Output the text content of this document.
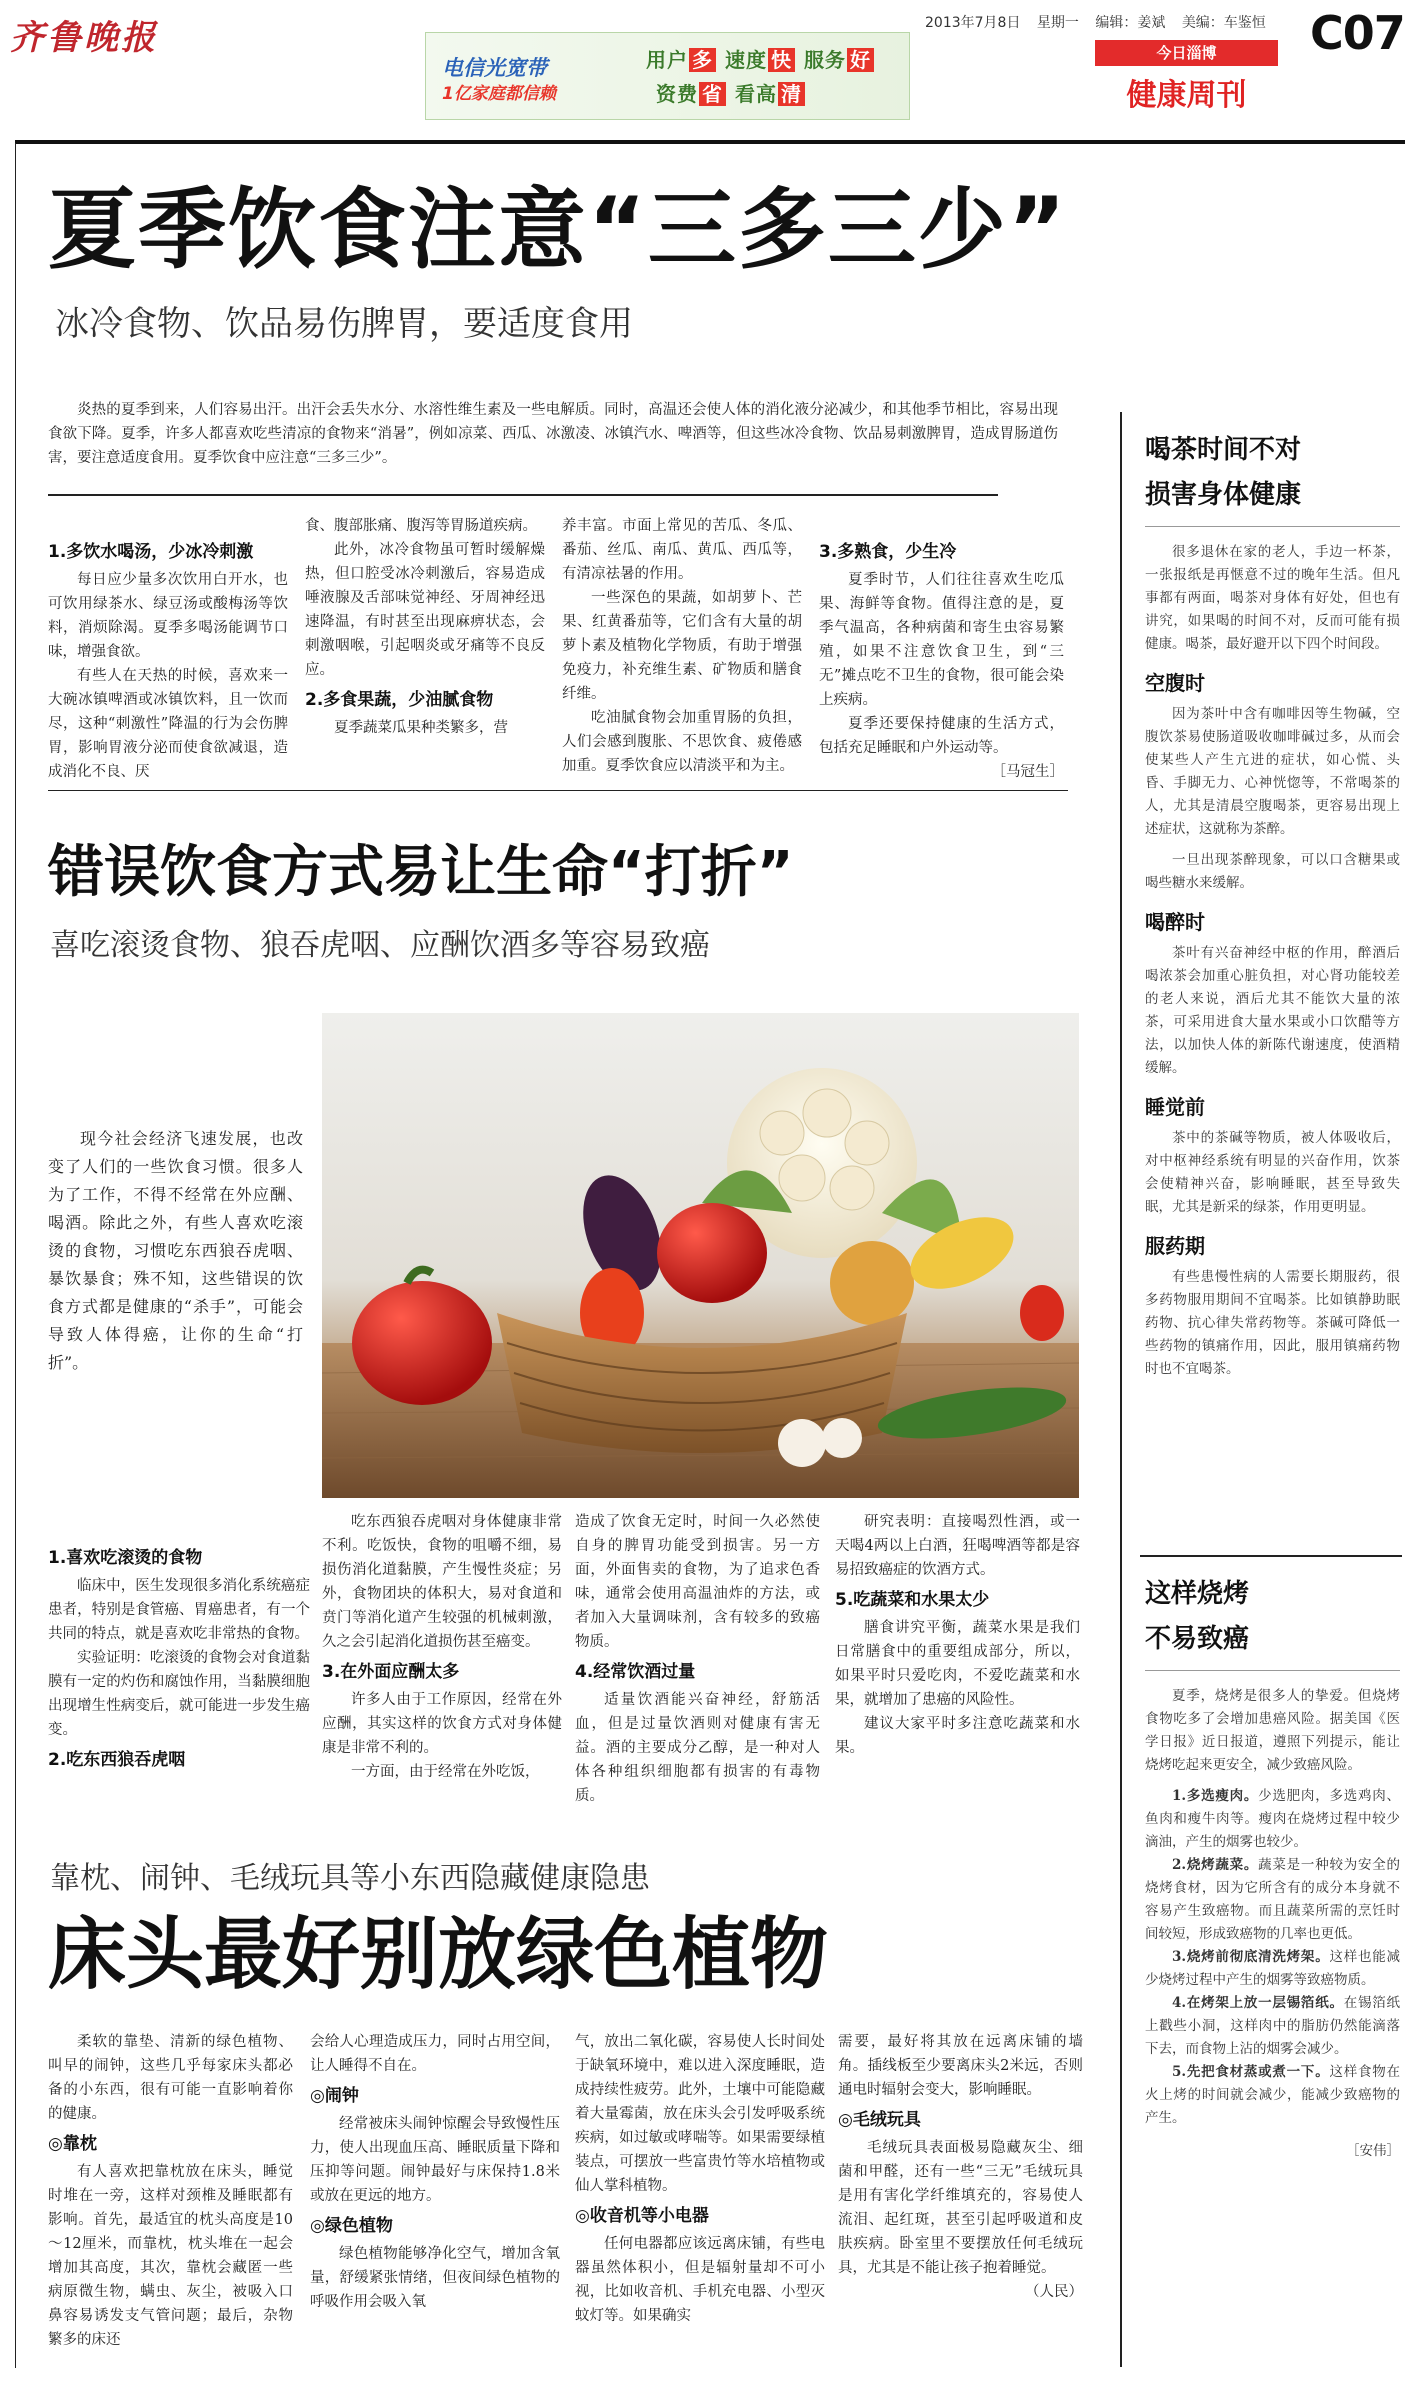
齐鲁晚报
电信光宽带
1亿家庭都信赖
用户 多 速度 快 服务 好
资费 省 看高 清
2013年7月8日 星期一 编辑：姜斌 美编：车鉴恒 C07
今日淄博
健康周刊
夏季饮食注意“三多三少”
冰冷食物、饮品易伤脾胃，要适度食用

炎热的夏季到来，人们容易出汗。出汗会丢失水分、水溶性维生素及一些电解质。同时，高温还会使人体的消化液分泌减少，和其他季节相比，容易出现食欲下降。夏季，许多人都喜欢吃些清凉的食物来“消暑”，例如凉菜、西瓜、冰激凌、冰镇汽水、啤酒等，但这些冰冷食物、饮品易刺激脾胃，造成胃肠道伤害，要注意适度食用。夏季饮食中应注意“三多三少”。

1.多饮水喝汤，少冰冷刺激

每日应少量多次饮用白开水，也可饮用绿茶水、绿豆汤或酸梅汤等饮料，消烦除渴。夏季多喝汤能调节口味，增强食欲。

有些人在天热的时候，喜欢来一大碗冰镇啤酒或冰镇饮料，且一饮而尽，这种“刺激性”降温的行为会伤脾胃，影响胃液分泌而使食欲减退，造成消化不良、厌

食、腹部胀痛、腹泻等胃肠道疾病。

此外，冰冷食物虽可暂时缓解燥热，但口腔受冰冷刺激后，容易造成唾液腺及舌部味觉神经、牙周神经迅速降温，有时甚至出现麻痹状态，会刺激咽喉，引起咽炎或牙痛等不良反应。

2.多食果蔬，少油腻食物

夏季蔬菜瓜果种类繁多，营

养丰富。市面上常见的苦瓜、冬瓜、番茄、丝瓜、南瓜、黄瓜、西瓜等，有清凉祛暑的作用。

一些深色的果蔬，如胡萝卜、芒果、红黄番茄等，它们含有大量的胡萝卜素及植物化学物质，有助于增强免疫力，补充维生素、矿物质和膳食纤维。

吃油腻食物会加重胃肠的负担，人们会感到腹胀、不思饮食、疲倦感加重。夏季饮食应以清淡平和为主。

3.多熟食，少生冷

夏季时节，人们往往喜欢生吃瓜果、海鲜等食物。值得注意的是，夏季气温高，各种病菌和寄生虫容易繁殖，如果不注意饮食卫生，到“三无”摊点吃不卫生的食物，很可能会染上疾病。

夏季还要保持健康的生活方式，包括充足睡眠和户外运动等。

［马冠生］
错误饮食方式易让生命“打折”
喜吃滚烫食物、狼吞虎咽、应酬饮酒多等容易致癌

现今社会经济飞速发展，也改变了人们的一些饮食习惯。很多人为了工作，不得不经常在外应酬、喝酒。除此之外，有些人喜欢吃滚烫的食物，习惯吃东西狼吞虎咽、暴饮暴食；殊不知，这些错误的饮食方式都是健康的“杀手”，可能会导致人体得癌，让你的生命“打折”。

1.喜欢吃滚烫的食物

临床中，医生发现很多消化系统癌症患者，特别是食管癌、胃癌患者，有一个共同的特点，就是喜欢吃非常热的食物。

实验证明：吃滚烫的食物会对食道黏膜有一定的灼伤和腐蚀作用，当黏膜细胞出现增生性病变后，就可能进一步发生癌变。

2.吃东西狼吞虎咽

吃东西狼吞虎咽对身体健康非常不利。吃饭快，食物的咀嚼不细，易损伤消化道黏膜，产生慢性炎症；另外，食物团块的体积大，易对食道和贲门等消化道产生较强的机械刺激，久之会引起消化道损伤甚至癌变。

3.在外面应酬太多

许多人由于工作原因，经常在外应酬，其实这样的饮食方式对身体健康是非常不利的。

一方面，由于经常在外吃饭，

造成了饮食无定时，时间一久必然使自身的脾胃功能受到损害。另一方面，外面售卖的食物，为了追求色香味，通常会使用高温油炸的方法，或者加入大量调味剂，含有较多的致癌物质。

4.经常饮酒过量

适量饮酒能兴奋神经，舒筋活血，但是过量饮酒则对健康有害无益。酒的主要成分乙醇，是一种对人体各种组织细胞都有损害的有毒物质。

研究表明：直接喝烈性酒，或一天喝4两以上白酒，狂喝啤酒等都是容易招致癌症的饮酒方式。

5.吃蔬菜和水果太少

膳食讲究平衡，蔬菜水果是我们日常膳食中的重要组成部分，所以，如果平时只爱吃肉，不爱吃蔬菜和水果，就增加了患癌的风险性。

建议大家平时多注意吃蔬菜和水果。

靠枕、闹钟、毛绒玩具等小东西隐藏健康隐患
床头最好别放绿色植物

柔软的靠垫、清新的绿色植物、叫早的闹钟，这些几乎每家床头都必备的小东西，很有可能一直影响着你的健康。

◎靠枕

有人喜欢把靠枕放在床头，睡觉时堆在一旁，这样对颈椎及睡眠都有影响。首先，最适宜的枕头高度是10～12厘米，而靠枕，枕头堆在一起会增加其高度，其次，靠枕会藏匿一些病原微生物，螨虫、灰尘，被吸入口鼻容易诱发支气管问题；最后，杂物繁多的床还

会给人心理造成压力，同时占用空间，让人睡得不自在。

◎闹钟

经常被床头闹钟惊醒会导致慢性压力，使人出现血压高、睡眠质量下降和压抑等问题。闹钟最好与床保持1.8米或放在更远的地方。

◎绿色植物

绿色植物能够净化空气，增加含氧量，舒缓紧张情绪，但夜间绿色植物的呼吸作用会吸入氧

气，放出二氧化碳，容易使人长时间处于缺氧环境中，难以进入深度睡眠，造成持续性疲劳。此外，土壤中可能隐藏着大量霉菌，放在床头会引发呼吸系统疾病，如过敏或哮喘等。如果需要绿植装点，可摆放一些富贵竹等水培植物或仙人掌科植物。

◎收音机等小电器

任何电器都应该远离床铺，有些电器虽然体积小，但是辐射量却不可小视，比如收音机、手机充电器、小型灭蚊灯等。如果确实

需要，最好将其放在远离床铺的墙角。插线板至少要离床头2米远，否则通电时辐射会变大，影响睡眠。

◎毛绒玩具

毛绒玩具表面极易隐藏灰尘、细菌和甲醛，还有一些“三无”毛绒玩具是用有害化学纤维填充的，容易使人流泪、起红斑，甚至引起呼吸道和皮肤疾病。卧室里不要摆放任何毛绒玩具，尤其是不能让孩子抱着睡觉。

（人民）
喝茶时间不对
损害身体健康

很多退休在家的老人，手边一杯茶，一张报纸是再惬意不过的晚年生活。但凡事都有两面，喝茶对身体有好处，但也有讲究，如果喝的时间不对，反而可能有损健康。喝茶，最好避开以下四个时间段。

空腹时

因为茶叶中含有咖啡因等生物碱，空腹饮茶易使肠道吸收咖啡碱过多，从而会使某些人产生亢进的症状，如心慌、头昏、手脚无力、心神恍惚等，不常喝茶的人，尤其是清晨空腹喝茶，更容易出现上述症状，这就称为茶醉。

一旦出现茶醉现象，可以口含糖果或喝些糖水来缓解。

喝醉时

茶叶有兴奋神经中枢的作用，醉酒后喝浓茶会加重心脏负担，对心肾功能较差的老人来说，酒后尤其不能饮大量的浓茶，可采用进食大量水果或小口饮醋等方法，以加快人体的新陈代谢速度，使酒精缓解。

睡觉前

茶中的茶碱等物质，被人体吸收后，对中枢神经系统有明显的兴奋作用，饮茶会使精神兴奋，影响睡眠，甚至导致失眠，尤其是新采的绿茶，作用更明显。

服药期

有些患慢性病的人需要长期服药，很多药物服用期间不宜喝茶。比如镇静助眠药物、抗心律失常药物等。茶碱可降低一些药物的镇痛作用，因此，服用镇痛药物时也不宜喝茶。

这样烧烤
不易致癌

夏季，烧烤是很多人的挚爱。但烧烤食物吃多了会增加患癌风险。据美国《医学日报》近日报道，遵照下列提示，能让烧烤吃起来更安全，减少致癌风险。

1.多选瘦肉。少选肥肉，多选鸡肉、鱼肉和瘦牛肉等。瘦肉在烧烤过程中较少滴油，产生的烟雾也较少。

2.烧烤蔬菜。蔬菜是一种较为安全的烧烤食材，因为它所含有的成分本身就不容易产生致癌物。而且蔬菜所需的烹饪时间较短，形成致癌物的几率也更低。

3.烧烤前彻底清洗烤架。这样也能减少烧烤过程中产生的烟雾等致癌物质。

4.在烤架上放一层锡箔纸。在锡箔纸上戳些小洞，这样肉中的脂肪仍然能滴落下去，而食物上沾的烟雾会减少。

5.先把食材蒸或煮一下。这样食物在火上烤的时间就会减少，能减少致癌物的产生。

［安伟］
